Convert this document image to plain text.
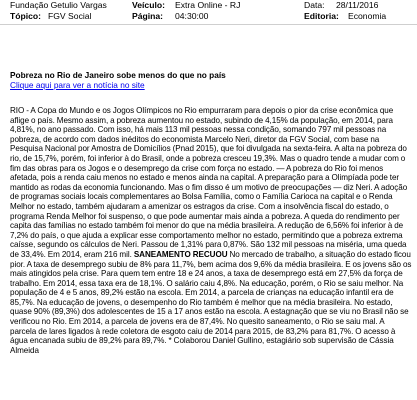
Fundação Getulio Vargas	Veículo: Extra Online - RJ	Data: 28/11/2016
Tópico: FGV Social	Página: 04:30:00	Editoria: Economia
Pobreza no Rio de Janeiro sobe menos do que no país
Clique aqui para ver a notícia no site
RIO - A Copa do Mundo e os Jogos Olímpicos no Rio empurraram para depois o pior da crise econômica que aflige o país. Mesmo assim, a pobreza aumentou no estado, subindo de 4,15% da população, em 2014, para 4,81%, no ano passado. Com isso, há mais 113 mil pessoas nessa condição, somando 797 mil pessoas na pobreza, de acordo com dados inéditos do economista Marcelo Neri, diretor da FGV Social, com base na Pesquisa Nacional por Amostra de Domicílios (Pnad 2015), que foi divulgada na sexta-feira. A alta na pobreza do rio, de 15,7%, porém, foi inferior à do Brasil, onde a pobreza cresceu 19,3%. Mas o quadro tende a mudar com o fim das obras para os Jogos e o desemprego da crise com força no estado. — A pobreza do Rio foi menos afetada, pois a renda caiu menos no estado e menos ainda na capital. A preparação para a Olimpíada pode ter mantido as rodas da economia funcionando. Mas o fim disso é um motivo de preocupações — diz Neri. A adoção de programas sociais locais complementares ao Bolsa Família, como o Família Carioca na capital e o Renda Melhor no estado, também ajudaram a amenizar os estragos da crise. Com a insolvência fiscal do estado, o programa Renda Melhor foi suspenso, o que pode aumentar mais ainda a pobreza. A queda do rendimento per capita das famílias no estado também foi menor do que na média brasileira. A redução de 6,56% foi inferior à de 7,2% do país, o que ajuda a explicar esse comportamento melhor no estado, permitindo que a pobreza extrema caísse, segundo os cálculos de Neri. Passou de 1,31% para 0,87%. São 132 mil pessoas na miséria, uma queda de 33,4%. Em 2014, eram 216 mil. SANEAMENTO RECUOU No mercado de trabalho, a situação do estado ficou pior. A taxa de desemprego subiu de 8% para 11,7%, bem acima dos 9,6% da média brasileira. E os jovens são os mais atingidos pela crise. Para quem tem entre 18 e 24 anos, a taxa de desemprego está em 27,5% da força de trabalho. Em 2014, essa taxa era de 18,1%. O salário caiu 4,8%. Na educação, porém, o Rio se saiu melhor. Na população de 4 e 5 anos, 89,2% estão na escola. Em 2014, a parcela de crianças na educação infantil era de 85,7%. Na educação de jovens, o desempenho do Rio também é melhor que na média brasileira. No estado, quase 90% (89,3%) dos adolescentes de 15 a 17 anos estão na escola. A estagnação que se viu no Brasil não se verificou no Rio. Em 2014, a parcela de jovens era de 87,4%. No quesito saneamento, o Rio se saiu mal. A parcela de lares ligados à rede coletora de esgoto caiu de 2014 para 2015, de 83,2% para 81,7%. O acesso à água encanada subiu de 89,2% para 89,7%. * Colaborou Daniel Gullino, estagiário sob supervisão de Cássia Almeida
